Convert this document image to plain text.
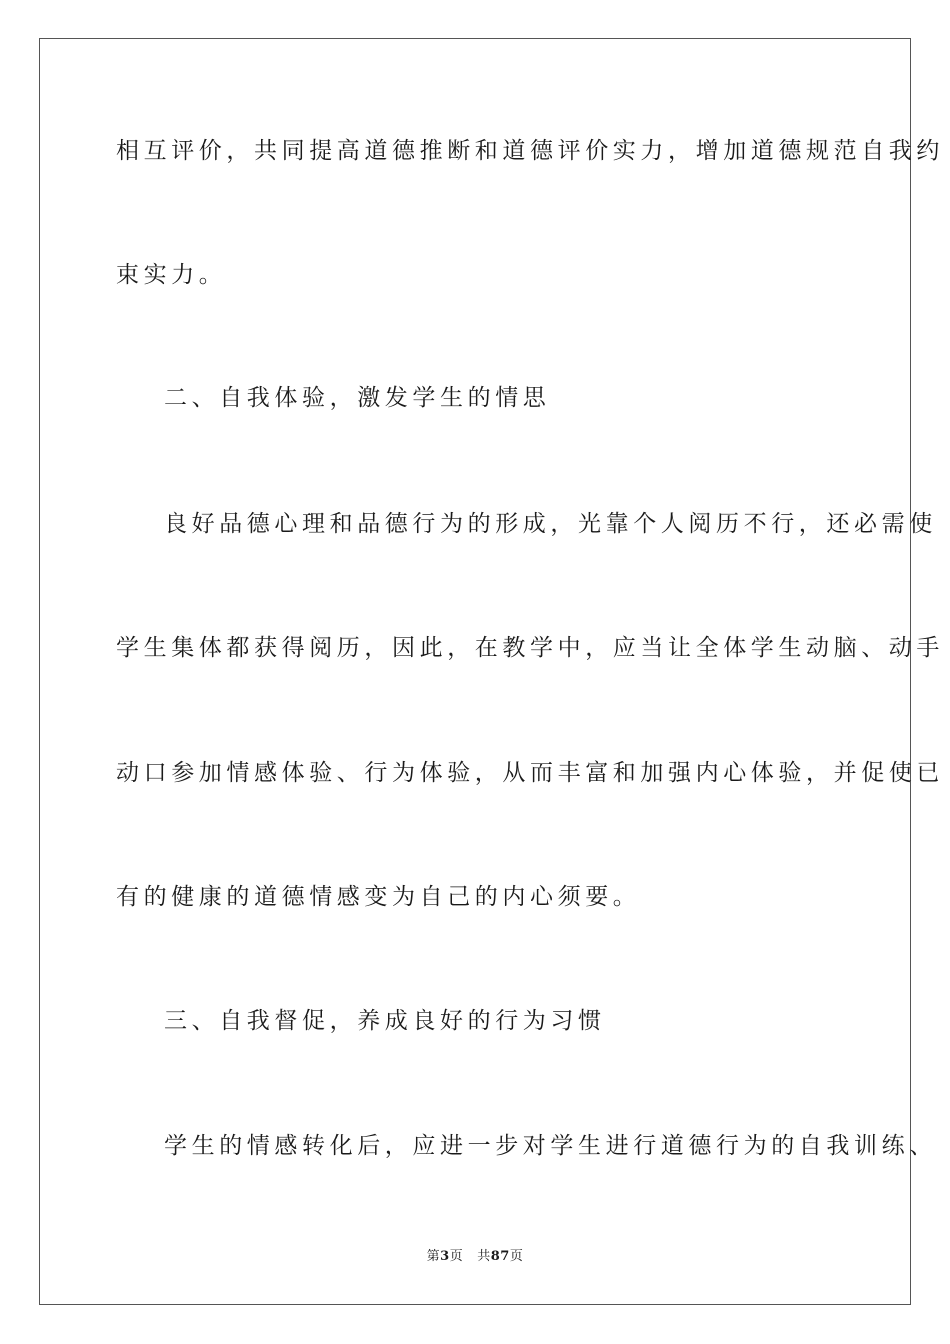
相互评价，共同提高道德推断和道德评价实力，增加道德规范自我约
束实力。
二、自我体验，激发学生的情思
良好品德心理和品德行为的形成，光靠个人阅历不行，还必需使
学生集体都获得阅历，因此，在教学中，应当让全体学生动脑、动手
动口参加情感体验、行为体验，从而丰富和加强内心体验，并促使已
有的健康的道德情感变为自己的内心须要。
三、自我督促，养成良好的行为习惯
学生的情感转化后，应进一步对学生进行道德行为的自我训练、
第3页 共87页
